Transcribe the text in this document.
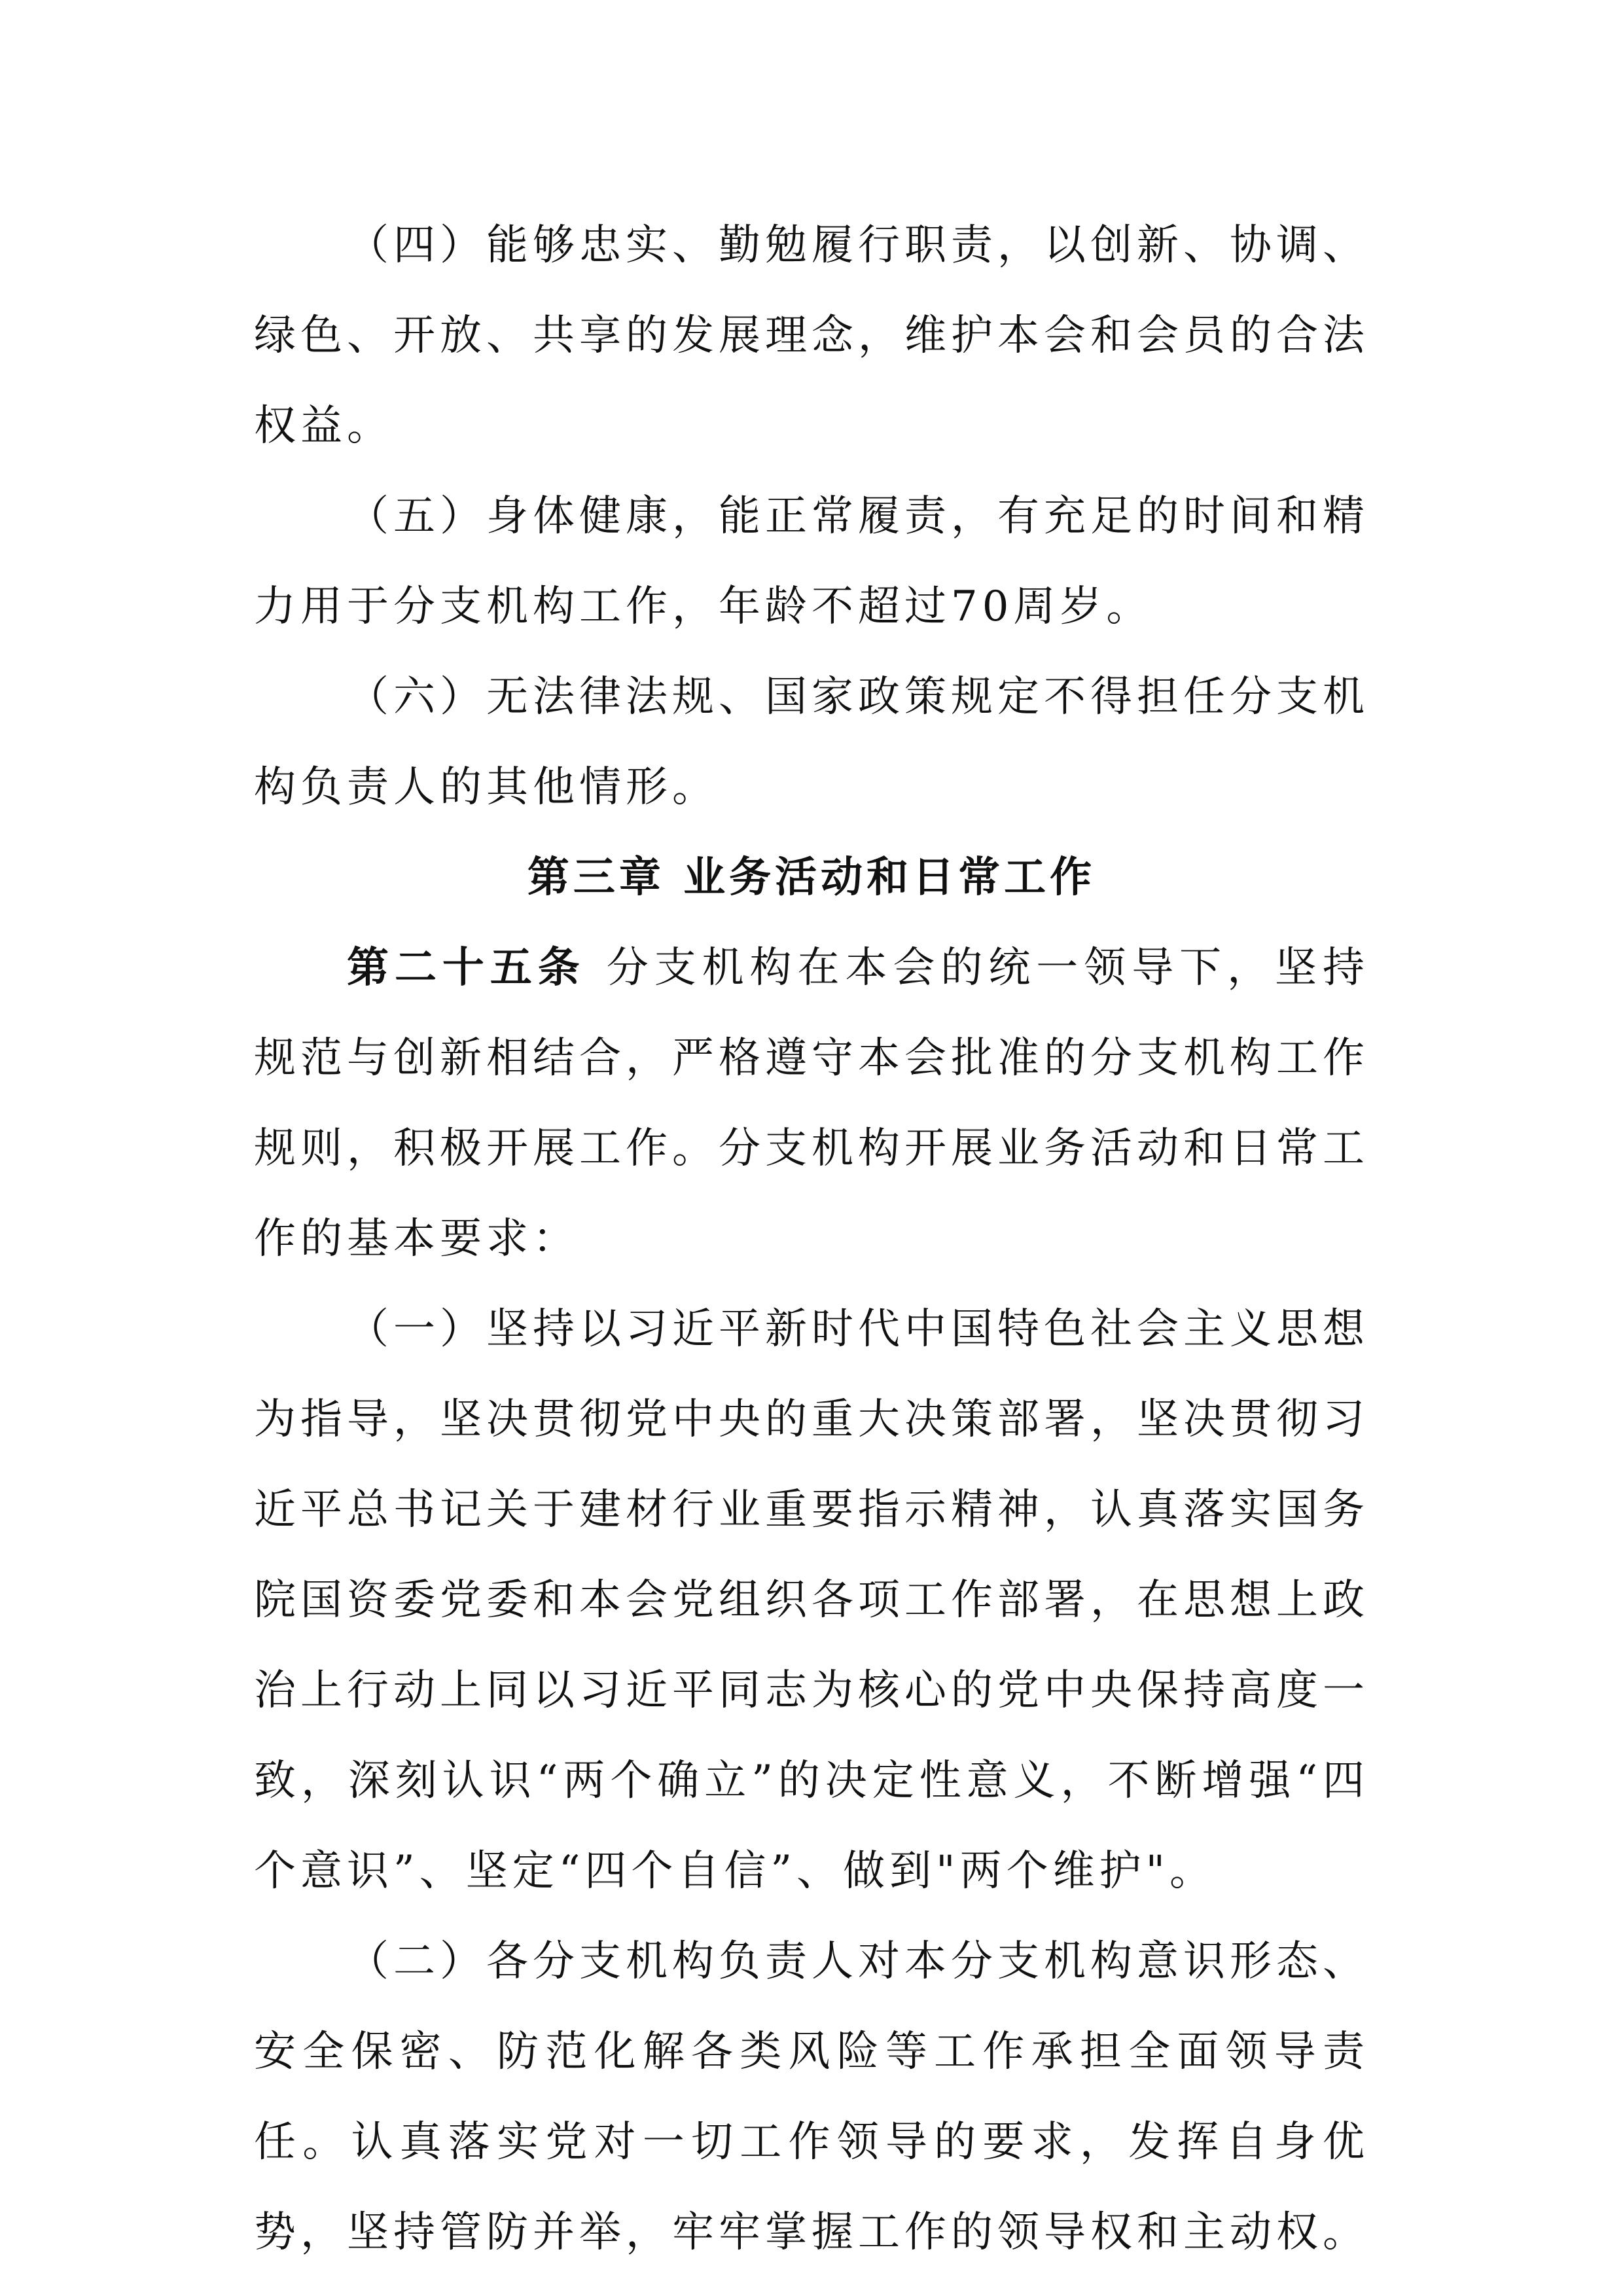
（四）能够忠实、勤勉履行职责，以创新、协调、绿色、开放、共享的发展理念，维护本会和会员的合法权益。

（五）身体健康，能正常履责，有充足的时间和精力用于分支机构工作，年龄不超过70周岁。

（六）无法律法规、国家政策规定不得担任分支机构负责人的其他情形。

第三章 业务活动和日常工作

第二十五条 分支机构在本会的统一领导下，坚持规范与创新相结合，严格遵守本会批准的分支机构工作规则，积极开展工作。分支机构开展业务活动和日常工作的基本要求：

（一）坚持以习近平新时代中国特色社会主义思想为指导，坚决贯彻党中央的重大决策部署，坚决贯彻习近平总书记关于建材行业重要指示精神，认真落实国务院国资委党委和本会党组织各项工作部署，在思想上政治上行动上同以习近平同志为核心的党中央保持高度一致，深刻认识“两个确立”的决定性意义，不断增强“四个意识”、坚定“四个自信”、做到"两个维护"。

（二）各分支机构负责人对本分支机构意识形态、安全保密、防范化解各类风险等工作承担全面领导责任。认真落实党对一切工作领导的要求，发挥自身优势，坚持管防并举，牢牢掌握工作的领导权和主动权。
